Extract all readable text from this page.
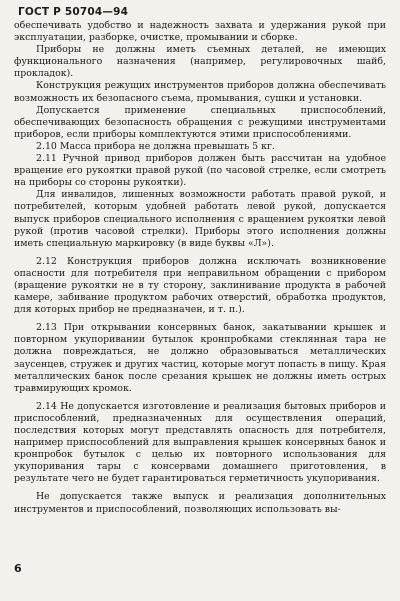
ГОСТ Р 50704—94

обеспечивать удобство и надежность захвата и удержания рукой при эксплуатации, разборке, очистке, промывании и сборке.

Приборы не должны иметь съемных деталей, не имеющих функционального назначения (например, регулировочных шайб, прокладок).

Конструкция режущих инструментов приборов должна обеспечивать возможность их безопасного съема, промывания, сушки и установки.

Допускается применение специальных приспособлений, обеспечивающих безопасность обращения с режущими инструментами приборов, если приборы комплектуются этими приспособлениями.

2.10 Масса прибора не должна превышать 5 кг.

2.11 Ручной привод приборов должен быть рассчитан на удобное вращение его рукоятки правой рукой (по часовой стрелке, если смотреть на приборы со стороны рукоятки).

Для инвалидов, лишенных возможности работать правой рукой, и потребителей, которым удобней работать левой рукой, допускается выпуск приборов специального исполнения с вращением рукоятки левой рукой (против часовой стрелки). Приборы этого исполнения должны иметь специальную маркировку (в виде буквы «Л»).

2.12 Конструкция приборов должна исключать возникновение опасности для потребителя при неправильном обращении с прибором (вращение рукоятки не в ту сторону, заклинивание продукта в рабочей камере, забивание продуктом рабочих отверстий, обработка продуктов, для которых прибор не предназначен, и т. п.).

2.13 При открывании консервных банок, закатывании крышек и повторном укупоривании бутылок кронпробками стеклянная тара не должна повреждаться, не должно образовываться металлических заусенцев, стружек и других частиц, которые могут попасть в пищу. Края металлических банок после срезания крышек не должны иметь острых травмирующих кромок.

2.14 Не допускается изготовление и реализация бытовых приборов и приспособлений, предназначенных для осуществления операций, последствия которых могут представлять опасность для потребителя, например приспособлений для выправления крышек консервных банок и кронпробок бутылок с целью их повторного использования для укупоривания тары с консервами домашнего приготовления, в результате чего не будет гарантироваться герметичность укупоривания.

Не допускается также выпуск и реализация дополнительных инструментов и приспособлений, позволяющих использовать вы-

6
